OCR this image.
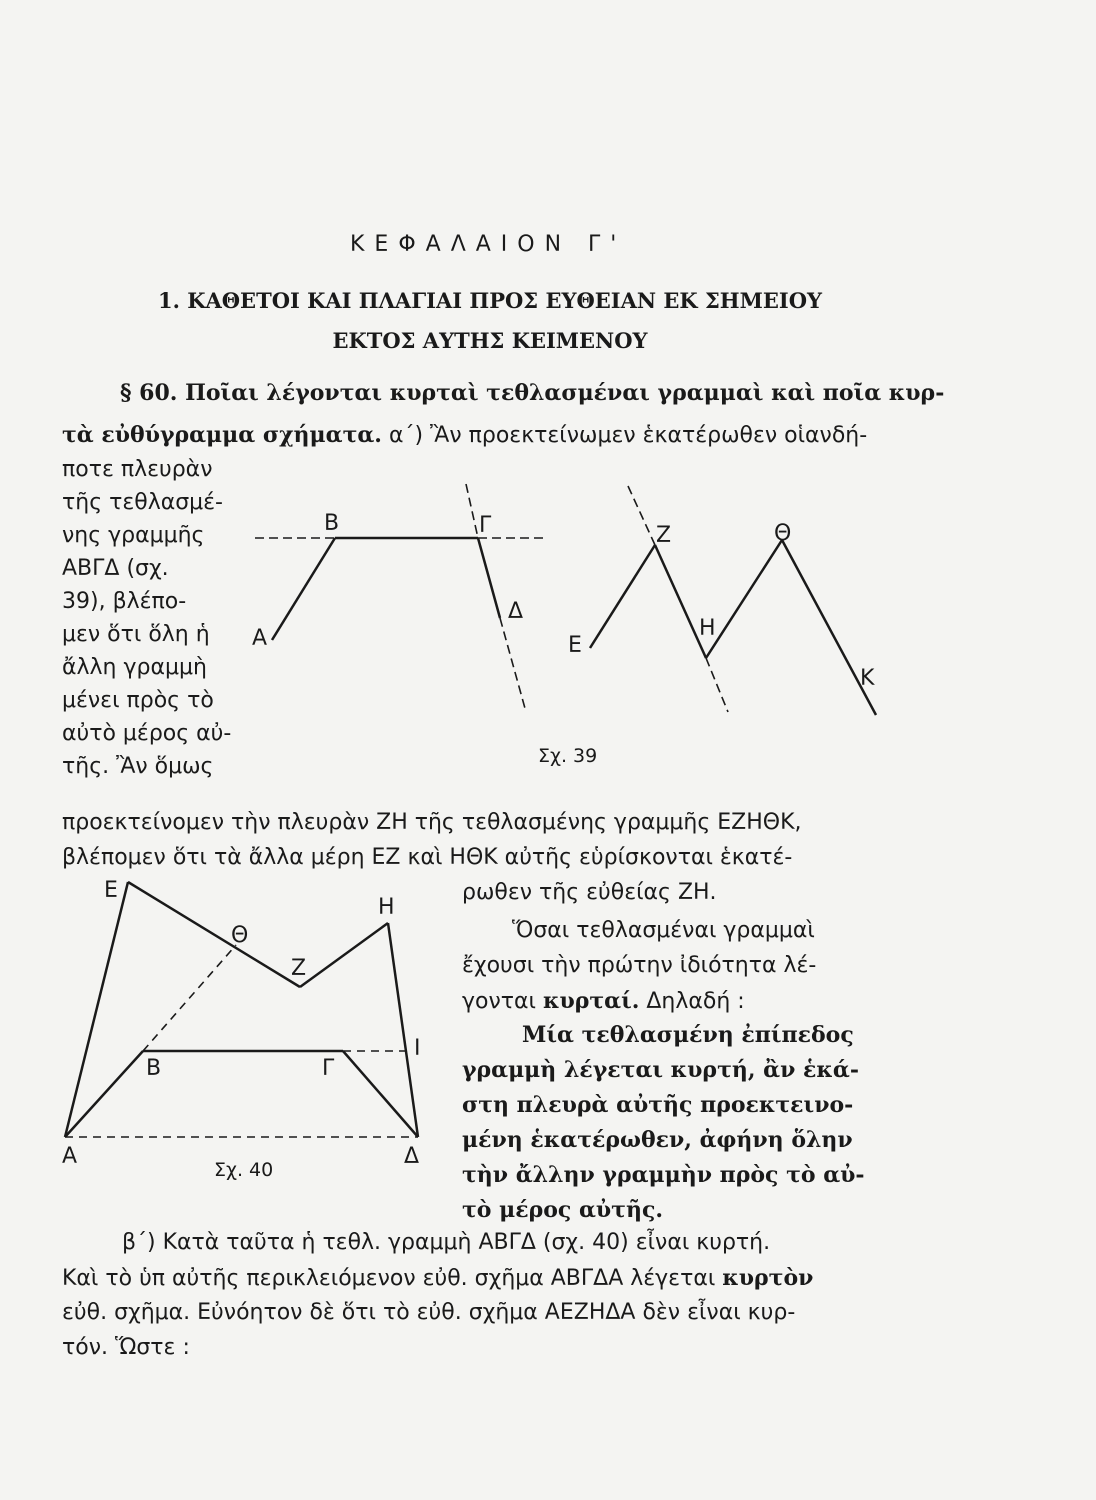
ΚΕΦΑΛΑΙΟΝ Γ'
1. ΚΑΘΕΤΟΙ ΚΑΙ ΠΛΑΓΙΑΙ ΠΡΟΣ ΕΥΘΕΙΑΝ ΕΚ ΣΗΜΕΙΟΥ
ΕΚΤΟΣ ΑΥΤΗΣ ΚΕΙΜΕΝΟΥ
§ 60. Ποῖαι λέγονται κυρταὶ τεθλασμέναι γραμμαὶ καὶ ποῖα κυρ-
τὰ εὐθύγραμμα σχήματα. α΄) Ἂν προεκτείνωμεν ἑκατέρωθεν οἱανδή-
ποτε πλευρὰν
τῆς τεθλασμέ-
νης γραμμῆς
ΑΒΓΔ (σχ.
39), βλέπο-
μεν ὅτι ὅλη ἡ
ἄλλη γραμμὴ
μένει πρὸς τὸ
αὐτὸ μέρος αὐ-
τῆς. Ἂν ὅμως
Α
Β	Γ
Δ
Ε
Ζ
Η
Θ
Κ
Σχ. 39
προεκτείνομεν τὴν πλευρὰν ΖΗ τῆς τεθλασμένης γραμμῆς ΕΖΗΘΚ,
βλέπομεν ὅτι τὰ ἄλλα μέρη ΕΖ καὶ ΗΘΚ αὐτῆς εὑρίσκονται ἑκατέ-
ρωθεν τῆς εὐθείας ΖΗ.
Ὅσαι τεθλασμέναι γραμμαὶ
ἔχουσι τὴν πρώτην ἰδιότητα λέ-
γονται κυρταί. Δηλαδή :
Μία τεθλασμένη ἐπίπεδος
γραμμὴ λέγεται κυρτή, ἂν ἑκά-
στη πλευρὰ αὐτῆς προεκτεινο-
μένη ἑκατέρωθεν, ἀφήνη ὅλην
τὴν ἄλλην γραμμὴν πρὸς τὸ αὐ-
τὸ μέρος αὐτῆς.
Ε
Θ
Ζ
Η
Β	Γ
Ι
Α	Δ
Σχ. 40
β΄) Κατὰ ταῦτα ἡ τεθλ. γραμμὴ ΑΒΓΔ (σχ. 40) εἶναι κυρτή.
Καὶ τὸ ὑπ αὐτῆς περικλειόμενον εὐθ. σχῆμα ΑΒΓΔΑ λέγεται κυρτὸν
εὐθ. σχῆμα. Εὐνόητον δὲ ὅτι τὸ εὐθ. σχῆμα ΑΕΖΗΔΑ δὲν εἶναι κυρ-
τόν. Ὥστε :
